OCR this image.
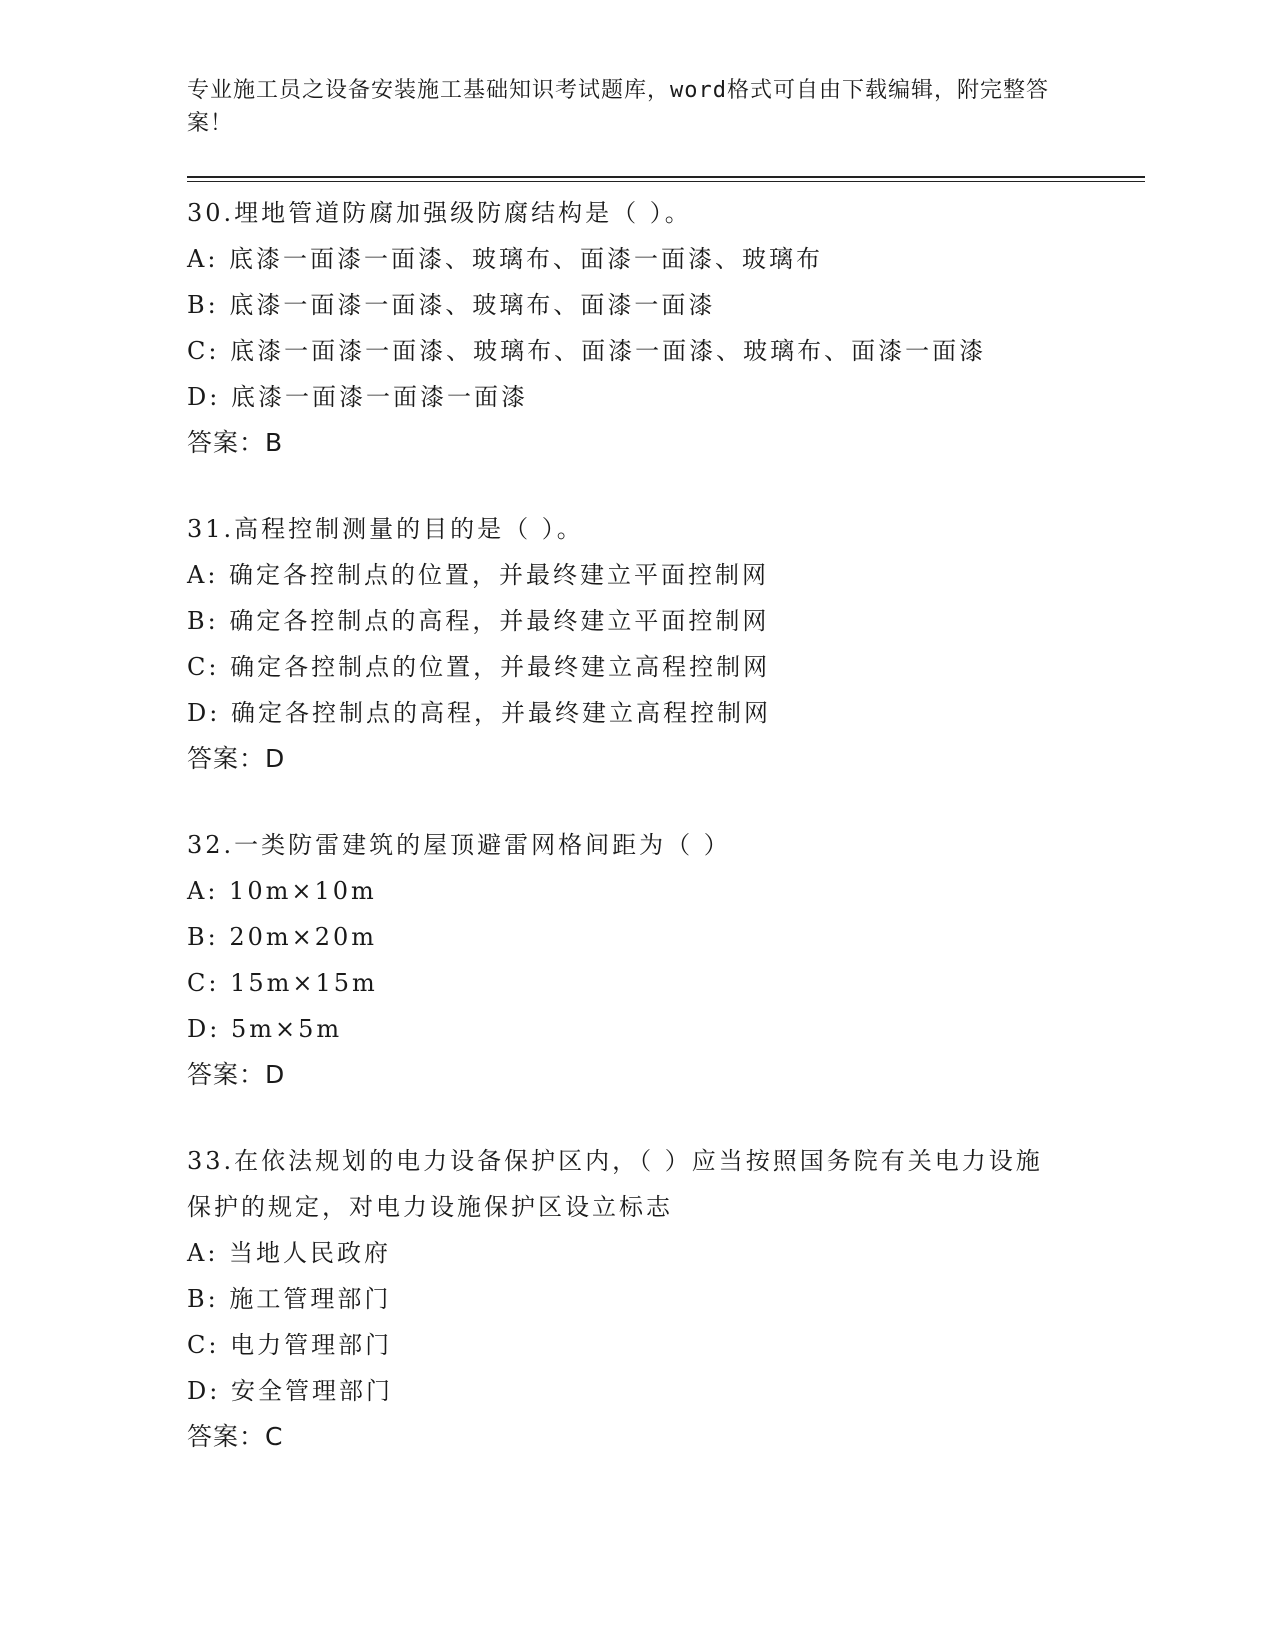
专业施工员之设备安装施工基础知识考试题库，word格式可自由下载编辑，附完整答案！
30.埋地管道防腐加强级防腐结构是（ ）。
A: 底漆一面漆一面漆、玻璃布、面漆一面漆、玻璃布
B: 底漆一面漆一面漆、玻璃布、面漆一面漆
C: 底漆一面漆一面漆、玻璃布、面漆一面漆、玻璃布、面漆一面漆
D: 底漆一面漆一面漆一面漆
答案：B
31.高程控制测量的目的是（ ）。
A: 确定各控制点的位置，并最终建立平面控制网
B: 确定各控制点的高程，并最终建立平面控制网
C: 确定各控制点的位置，并最终建立高程控制网
D: 确定各控制点的高程，并最终建立高程控制网
答案：D
32.一类防雷建筑的屋顶避雷网格间距为（ ）
A: 10m×10m
B: 20m×20m
C: 15m×15m
D: 5m×5m
答案：D
33.在依法规划的电力设备保护区内，（ ）应当按照国务院有关电力设施保护的规定，对电力设施保护区设立标志
A: 当地人民政府
B: 施工管理部门
C: 电力管理部门
D: 安全管理部门
答案：C
